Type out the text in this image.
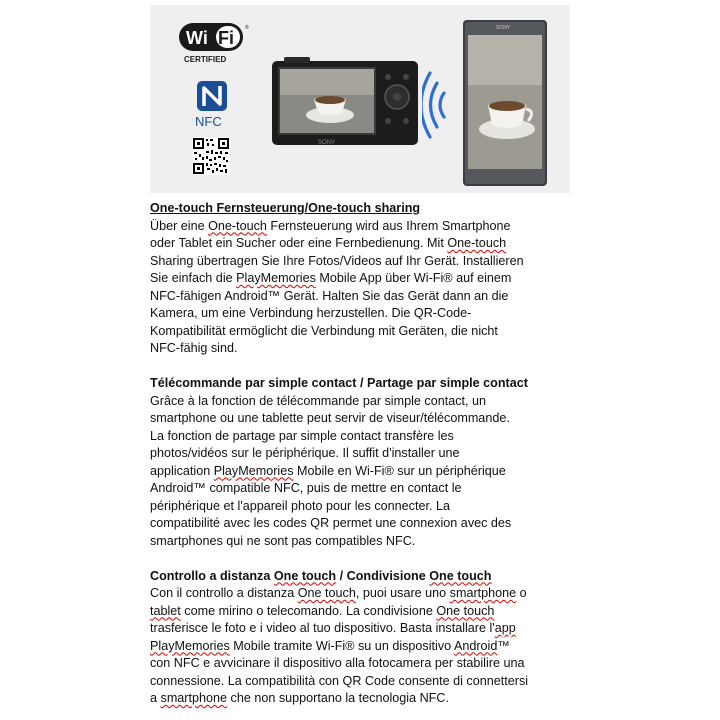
Wi Fi ®
CERTIFIED
NFC
SONY
SONY

One-touch Fernsteuerung/One-touch sharing

Über eine One-touch Fernsteuerung wird aus Ihrem Smartphone

oder Tablet ein Sucher oder eine Fernbedienung. Mit One-touch

Sharing übertragen Sie Ihre Fotos/Videos auf Ihr Gerät. Installieren

Sie einfach die PlayMemories Mobile App über Wi-Fi® auf einem

NFC-fähigen Android™ Gerät. Halten Sie das Gerät dann an die

Kamera, um eine Verbindung herzustellen. Die QR-Code-

Kompatibilität ermöglicht die Verbindung mit Geräten, die nicht

NFC-fähig sind.

Télécommande par simple contact / Partage par simple contact

Grâce à la fonction de télécommande par simple contact, un

smartphone ou une tablette peut servir de viseur/télécommande.

La fonction de partage par simple contact transfère les

photos/vidéos sur le périphérique. Il suffit d'installer une

application PlayMemories Mobile en Wi-Fi® sur un périphérique

Android™ compatible NFC, puis de mettre en contact le

périphérique et l'appareil photo pour les connecter. La

compatibilité avec les codes QR permet une connexion avec des

smartphones qui ne sont pas compatibles NFC.

Controllo a distanza One touch / Condivisione One touch

Con il controllo a distanza One touch, puoi usare uno smartphone o

tablet come mirino o telecomando. La condivisione One touch

trasferisce le foto e i video al tuo dispositivo. Basta installare l'app

PlayMemories Mobile tramite Wi-Fi® su un dispositivo Android™

con NFC e avvicinare il dispositivo alla fotocamera per stabilire una

connessione. La compatibilità con QR Code consente di connettersi

a smartphone che non supportano la tecnologia NFC.
